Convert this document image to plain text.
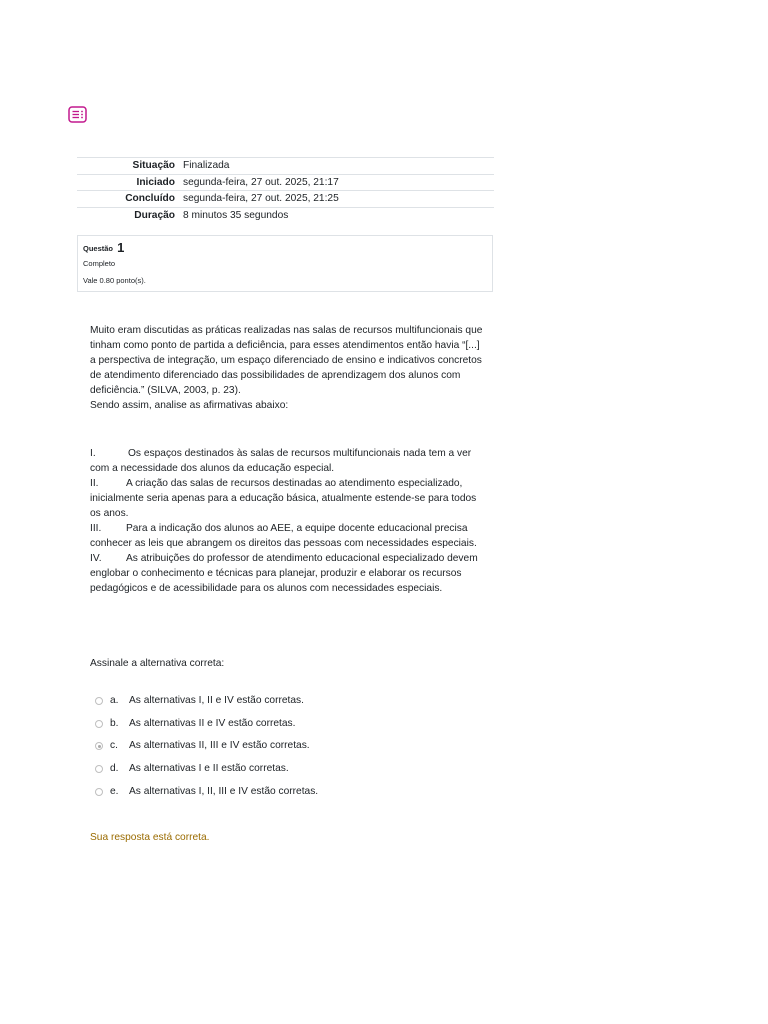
Situação	Finalizada
Iniciado	segunda-feira, 27 out. 2025, 21:17
Concluído	segunda-feira, 27 out. 2025, 21:25
Duração	8 minutos 35 segundos
Questão 1
Completo
Vale 0.80 ponto(s).

Muito eram discutidas as práticas realizadas nas salas de recursos multifuncionais que tinham como ponto de partida a deficiência, para esses atendimentos então havia “[...] a perspectiva de integração, um espaço diferenciado de ensino e indicativos concretos de atendimento diferenciado das possibilidades de aprendizagem dos alunos com deficiência.” (SILVA, 2003, p. 23).

Sendo assim, analise as afirmativas abaixo:

I.	Os espaços destinados às salas de recursos multifuncionais nada tem a ver com a necessidade dos alunos da educação especial.

II.	A criação das salas de recursos destinadas ao atendimento especializado, inicialmente seria apenas para a educação básica, atualmente estende-se para todos os anos.

III. Para a indicação dos alunos ao AEE, a equipe docente educacional precisa conhecer as leis que abrangem os direitos das pessoas com necessidades especiais.

IV. As atribuições do professor de atendimento educacional especializado devem englobar o conhecimento e técnicas para planejar, produzir e elaborar os recursos pedagógicos e de acessibilidade para os alunos com necessidades especiais.

Assinale a alternativa correta:
a.	As alternativas I, II e IV estão corretas.
b.	As alternativas II e IV estão corretas.
c.	As alternativas II, III e IV estão corretas.
d.	As alternativas I e II estão corretas.
e.	As alternativas I, II, III e IV estão corretas.
Sua resposta está correta.
